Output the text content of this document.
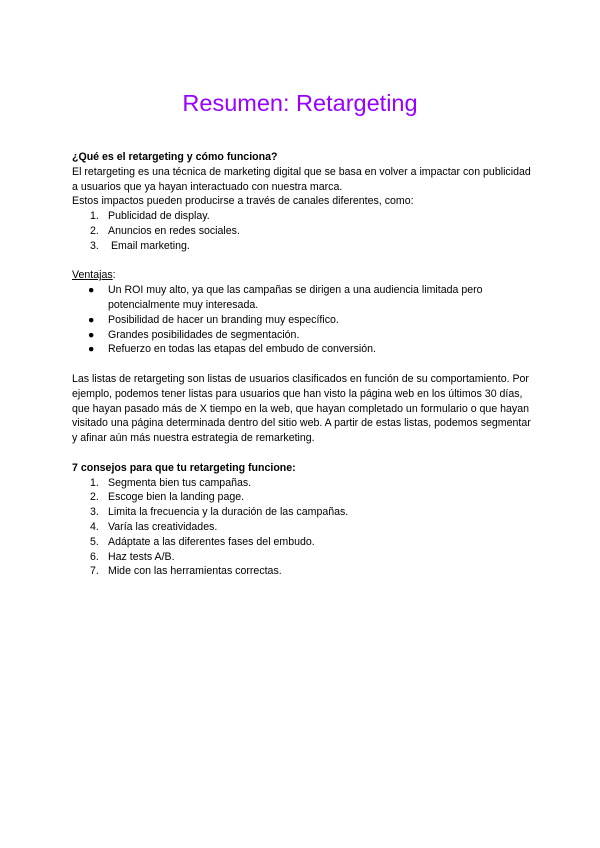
Resumen: Retargeting

¿Qué es el retargeting y cómo funciona?

El retargeting es una técnica de marketing digital que se basa en volver a impactar con publicidad a usuarios que ya hayan interactuado con nuestra marca.

Estos impactos pueden producirse a través de canales diferentes, como:

1. Publicidad de display.
2. Anuncios en redes sociales.
3. Email marketing.

Ventajas:

● Un ROI muy alto, ya que las campañas se dirigen a una audiencia limitada pero potencialmente muy interesada.
● Posibilidad de hacer un branding muy específico.
● Grandes posibilidades de segmentación.
● Refuerzo en todas las etapas del embudo de conversión.

Las listas de retargeting son listas de usuarios clasificados en función de su comportamiento. Por ejemplo, podemos tener listas para usuarios que han visto la página web en los últimos 30 días, que hayan pasado más de X tiempo en la web, que hayan completado un formulario o que hayan visitado una página determinada dentro del sitio web. A partir de estas listas, podemos segmentar y afinar aún más nuestra estrategia de remarketing.

7 consejos para que tu retargeting funcione:

1. Segmenta bien tus campañas.
2. Escoge bien la landing page.
3. Limita la frecuencia y la duración de las campañas.
4. Varía las creatividades.
5. Adáptate a las diferentes fases del embudo.
6. Haz tests A/B.
7. Mide con las herramientas correctas.
